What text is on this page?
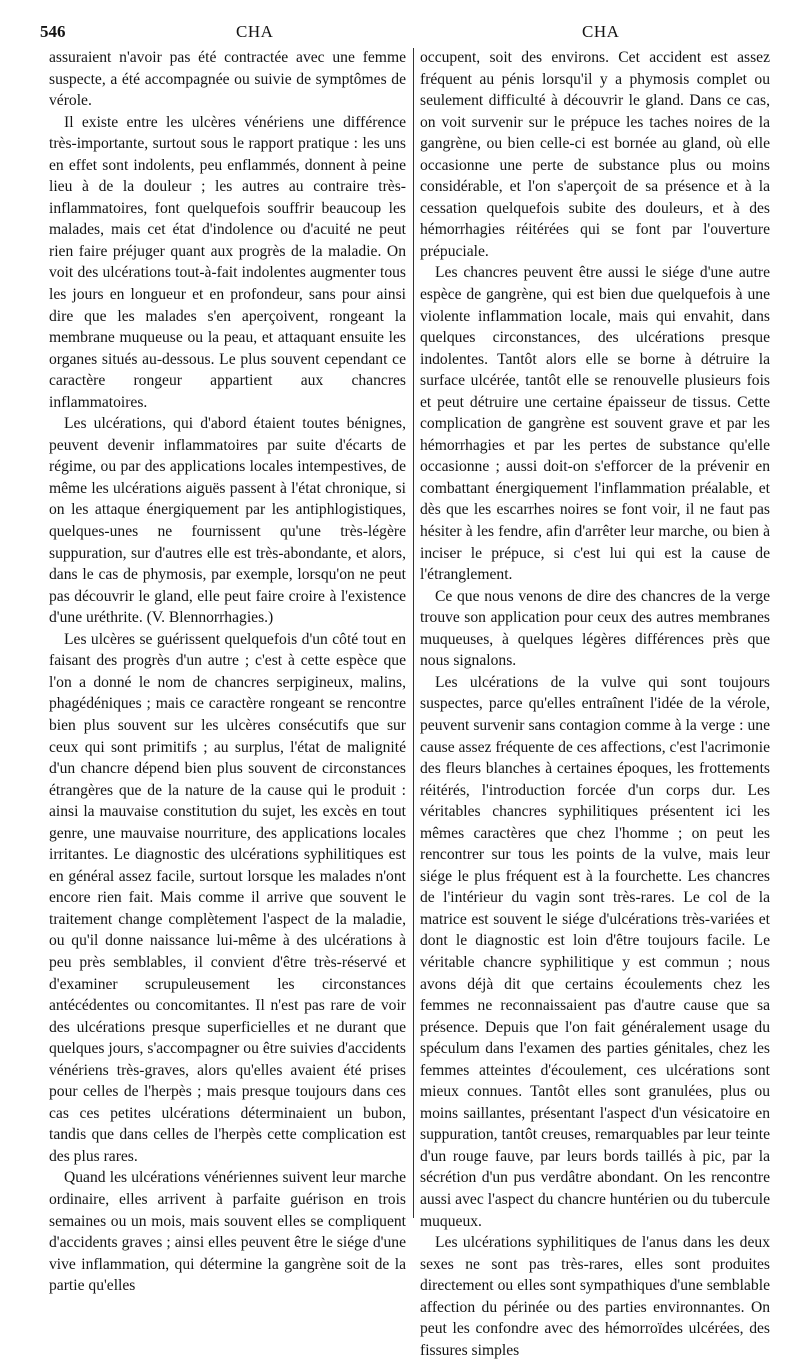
546	CHA	CHA

assuraient n'avoir pas été contractée avec une femme suspecte, a été accompagnée ou suivie de symptômes de vérole.

Il existe entre les ulcères vénériens une différence très-importante, surtout sous le rapport pratique : les uns en effet sont indolents, peu enflammés, donnent à peine lieu à de la douleur ; les autres au contraire très-inflammatoires, font quelquefois souffrir beaucoup les malades, mais cet état d'indolence ou d'acuité ne peut rien faire préjuger quant aux progrès de la maladie. On voit des ulcérations tout-à-fait indolentes augmenter tous les jours en longueur et en profondeur, sans pour ainsi dire que les malades s'en aperçoivent, rongeant la membrane muqueuse ou la peau, et attaquant ensuite les organes situés au-dessous. Le plus souvent cependant ce caractère rongeur appartient aux chancres inflammatoires.

Les ulcérations, qui d'abord étaient toutes bénignes, peuvent devenir inflammatoires par suite d'écarts de régime, ou par des applications locales intempestives, de même les ulcérations aiguës passent à l'état chronique, si on les attaque énergiquement par les antiphlogistiques, quelques-unes ne fournissent qu'une très-légère suppuration, sur d'autres elle est très-abondante, et alors, dans le cas de phymosis, par exemple, lorsqu'on ne peut pas découvrir le gland, elle peut faire croire à l'existence d'une uréthrite. (V. Blennorrhagies.)

Les ulcères se guérissent quelquefois d'un côté tout en faisant des progrès d'un autre ; c'est à cette espèce que l'on a donné le nom de chancres serpigineux, malins, phagédéniques ; mais ce caractère rongeant se rencontre bien plus souvent sur les ulcères consécutifs que sur ceux qui sont primitifs ; au surplus, l'état de malignité d'un chancre dépend bien plus souvent de circonstances étrangères que de la nature de la cause qui le produit : ainsi la mauvaise constitution du sujet, les excès en tout genre, une mauvaise nourriture, des applications locales irritantes. Le diagnostic des ulcérations syphilitiques est en général assez facile, surtout lorsque les malades n'ont encore rien fait. Mais comme il arrive que souvent le traitement change complètement l'aspect de la maladie, ou qu'il donne naissance lui-même à des ulcérations à peu près semblables, il convient d'être très-réservé et d'examiner scrupuleusement les circonstances antécédentes ou concomitantes. Il n'est pas rare de voir des ulcérations presque superficielles et ne durant que quelques jours, s'accompagner ou être suivies d'accidents vénériens très-graves, alors qu'elles avaient été prises pour celles de l'herpès ; mais presque toujours dans ces cas ces petites ulcérations déterminaient un bubon, tandis que dans celles de l'herpès cette complication est des plus rares.

Quand les ulcérations vénériennes suivent leur marche ordinaire, elles arrivent à parfaite guérison en trois semaines ou un mois, mais souvent elles se compliquent d'accidents graves ; ainsi elles peuvent être le siége d'une vive inflammation, qui détermine la gangrène soit de la partie qu'elles

occupent, soit des environs. Cet accident est assez fréquent au pénis lorsqu'il y a phymosis complet ou seulement difficulté à découvrir le gland. Dans ce cas, on voit survenir sur le prépuce les taches noires de la gangrène, ou bien celle-ci est bornée au gland, où elle occasionne une perte de substance plus ou moins considérable, et l'on s'aperçoit de sa présence et à la cessation quelquefois subite des douleurs, et à des hémorrhagies réitérées qui se font par l'ouverture prépuciale.

Les chancres peuvent être aussi le siége d'une autre espèce de gangrène, qui est bien due quelquefois à une violente inflammation locale, mais qui envahit, dans quelques circonstances, des ulcérations presque indolentes. Tantôt alors elle se borne à détruire la surface ulcérée, tantôt elle se renouvelle plusieurs fois et peut détruire une certaine épaisseur de tissus. Cette complication de gangrène est souvent grave et par les hémorrhagies et par les pertes de substance qu'elle occasionne ; aussi doit-on s'efforcer de la prévenir en combattant énergiquement l'inflammation préalable, et dès que les escarrhes noires se font voir, il ne faut pas hésiter à les fendre, afin d'arrêter leur marche, ou bien à inciser le prépuce, si c'est lui qui est la cause de l'étranglement.

Ce que nous venons de dire des chancres de la verge trouve son application pour ceux des autres membranes muqueuses, à quelques légères différences près que nous signalons.

Les ulcérations de la vulve qui sont toujours suspectes, parce qu'elles entraînent l'idée de la vérole, peuvent survenir sans contagion comme à la verge : une cause assez fréquente de ces affections, c'est l'acrimonie des fleurs blanches à certaines époques, les frottements réitérés, l'introduction forcée d'un corps dur. Les véritables chancres syphilitiques présentent ici les mêmes caractères que chez l'homme ; on peut les rencontrer sur tous les points de la vulve, mais leur siége le plus fréquent est à la fourchette. Les chancres de l'intérieur du vagin sont très-rares. Le col de la matrice est souvent le siége d'ulcérations très-variées et dont le diagnostic est loin d'être toujours facile. Le véritable chancre syphilitique y est commun ; nous avons déjà dit que certains écoulements chez les femmes ne reconnaissaient pas d'autre cause que sa présence. Depuis que l'on fait généralement usage du spéculum dans l'examen des parties génitales, chez les femmes atteintes d'écoulement, ces ulcérations sont mieux connues. Tantôt elles sont granulées, plus ou moins saillantes, présentant l'aspect d'un vésicatoire en suppuration, tantôt creuses, remarquables par leur teinte d'un rouge fauve, par leurs bords taillés à pic, par la sécrétion d'un pus verdâtre abondant. On les rencontre aussi avec l'aspect du chancre huntérien ou du tubercule muqueux.

Les ulcérations syphilitiques de l'anus dans les deux sexes ne sont pas très-rares, elles sont produites directement ou elles sont sympathiques d'une semblable affection du périnée ou des parties environnantes. On peut les confondre avec des hémorroïdes ulcérées, des fissures simples
